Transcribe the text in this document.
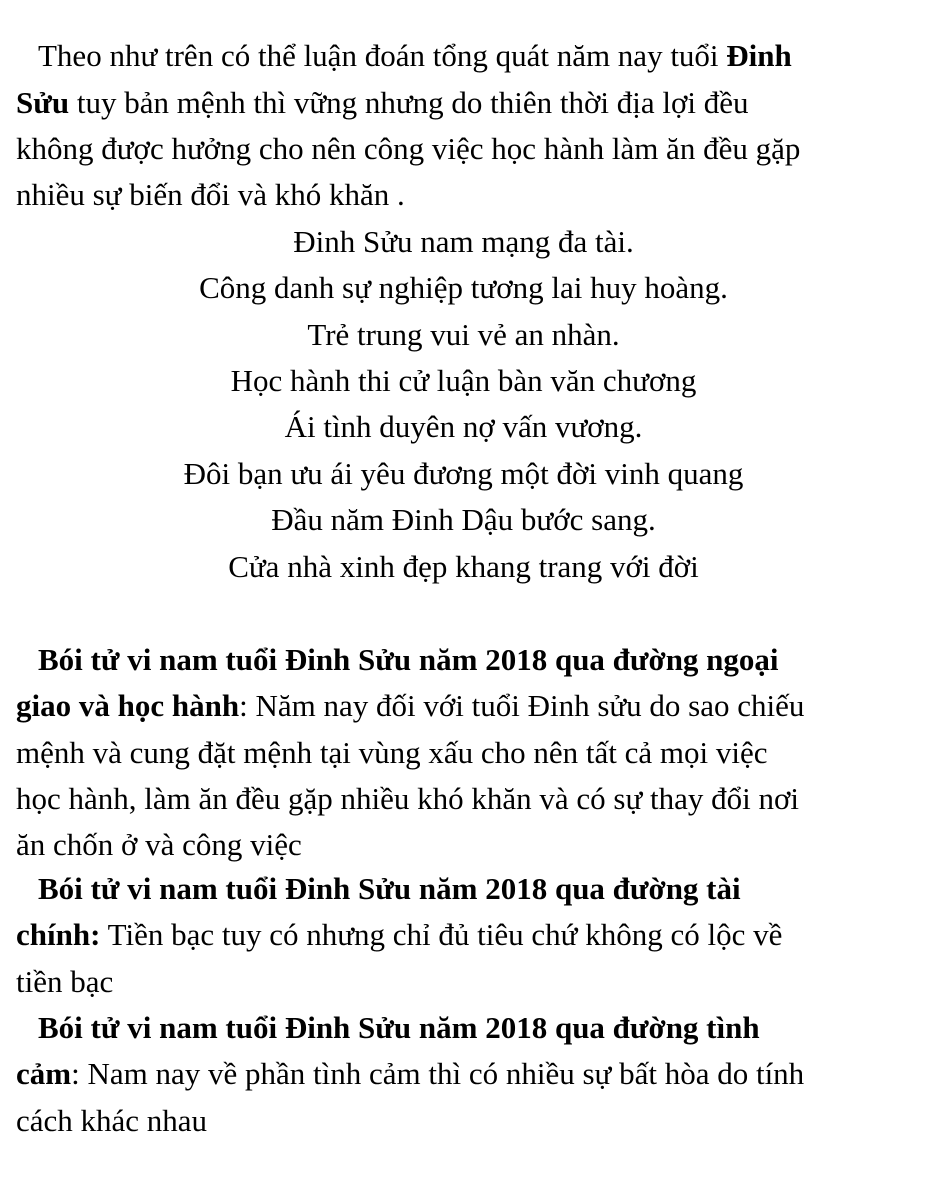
Theo như trên có thể luận đoán tổng quát năm nay tuổi Đinh
Sửu tuy bản mệnh thì vững nhưng do thiên thời địa lợi đều
không được hưởng cho nên công việc học hành làm ăn đều gặp
nhiều sự biến đổi và khó khăn .
Đinh Sửu nam mạng đa tài.
Công danh sự nghiệp tương lai huy hoàng.
Trẻ trung vui vẻ an nhàn.
Học hành thi cử luận bàn văn chương
Ái tình duyên nợ vấn vương.
Đôi bạn ưu ái yêu đương một đời vinh quang
Đầu năm Đinh Dậu bước sang.
Cửa nhà xinh đẹp khang trang với đời
Bói tử vi nam tuổi Đinh Sửu năm 2018 qua đường ngoại
giao và học hành: Năm nay đối với tuổi Đinh sửu do sao chiếu
mệnh và cung đặt mệnh tại vùng xấu cho nên tất cả mọi việc
học hành, làm ăn đều gặp nhiều khó khăn và có sự thay đổi nơi
ăn chốn ở và công việc
Bói tử vi nam tuổi Đinh Sửu năm 2018 qua đường tài
chính: Tiền bạc tuy có nhưng chỉ đủ tiêu chứ không có lộc về
tiền bạc
Bói tử vi nam tuổi Đinh Sửu năm 2018 qua đường tình
cảm: Nam nay về phần tình cảm thì có nhiều sự bất hòa do tính
cách khác nhau
